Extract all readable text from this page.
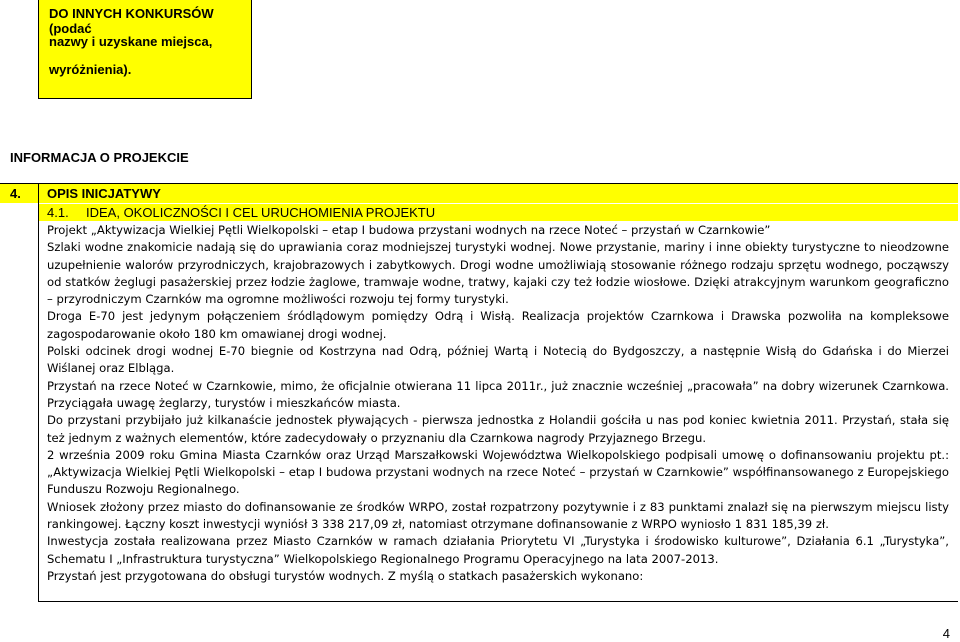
DO INNYCH KONKURSÓW (podać
nazwy i uzyskane miejsca,
wyróżnienia).
INFORMACJA O PROJEKCIE
4. OPIS INICJATYWY
4.1. IDEA, OKOLICZNOŚCI I CEL URUCHOMIENIA PROJEKTU

Projekt „Aktywizacja Wielkiej Pętli Wielkopolski – etap I budowa przystani wodnych na rzece Noteć – przystań w Czarnkowie”

Szlaki wodne znakomicie nadają się do uprawiania coraz modniejszej turystyki wodnej. Nowe przystanie, mariny i inne obiekty turystyczne to nieodzowne uzupełnienie walorów przyrodniczych, krajobrazowych i zabytkowych. Drogi wodne umożliwiają stosowanie różnego rodzaju sprzętu wodnego, począwszy od statków żeglugi pasażerskiej przez łodzie żaglowe, tramwaje wodne, tratwy, kajaki czy też łodzie wiosłowe. Dzięki atrakcyjnym warunkom geograficzno – przyrodniczym Czarnków ma ogromne możliwości rozwoju tej formy turystyki.

Droga E-70 jest jedynym połączeniem śródlądowym pomiędzy Odrą i Wisłą. Realizacja projektów Czarnkowa i Drawska pozwoliła na kompleksowe zagospodarowanie około 180 km omawianej drogi wodnej.

Polski odcinek drogi wodnej E-70 biegnie od Kostrzyna nad Odrą, później Wartą i Notecią do Bydgoszczy, a następnie Wisłą do Gdańska i do Mierzei Wiślanej oraz Elbląga.

Przystań na rzece Noteć w Czarnkowie, mimo, że oficjalnie otwierana 11 lipca 2011r., już znacznie wcześniej „pracowała” na dobry wizerunek Czarnkowa. Przyciągała uwagę żeglarzy, turystów i mieszkańców miasta.

Do przystani przybijało już kilkanaście jednostek pływających - pierwsza jednostka z Holandii gościła u nas pod koniec kwietnia 2011. Przystań, stała się też jednym z ważnych elementów, które zadecydowały o przyznaniu dla Czarnkowa nagrody Przyjaznego Brzegu.

2 września 2009 roku Gmina Miasta Czarnków oraz Urząd Marszałkowski Województwa Wielkopolskiego podpisali umowę o dofinansowaniu projektu pt.: „Aktywizacja Wielkiej Pętli Wielkopolski – etap I budowa przystani wodnych na rzece Noteć – przystań w Czarnkowie” współfinansowanego z Europejskiego Funduszu Rozwoju Regionalnego.

Wniosek złożony przez miasto do dofinansowanie ze środków WRPO, został rozpatrzony pozytywnie i z 83 punktami znalazł się na pierwszym miejscu listy rankingowej. Łączny koszt inwestycji wyniósł 3 338 217,09 zł, natomiast otrzymane dofinansowanie z WRPO wyniosło 1 831 185,39 zł.

Inwestycja została realizowana przez Miasto Czarnków w ramach działania Priorytetu VI „Turystyka i środowisko kulturowe”, Działania 6.1 „Turystyka”, Schematu I „Infrastruktura turystyczna” Wielkopolskiego Regionalnego Programu Operacyjnego na lata 2007-2013.

Przystań jest przygotowana do obsługi turystów wodnych. Z myślą o statkach pasażerskich wykonano:

4
